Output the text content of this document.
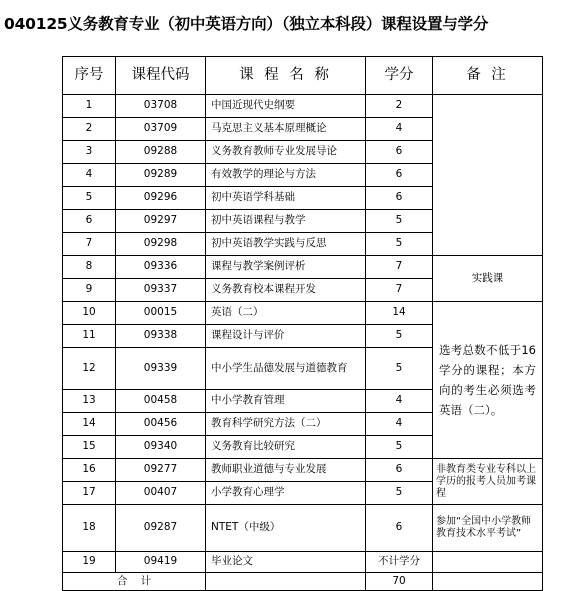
040125义务教育专业（初中英语方向）（独立本科段）课程设置与学分
序号	课程代码	课 程 名 称	学分	备 注
1	03708	中国近现代史纲要	2	
2	03709	马克思主义基本原理概论	4	
3	09288	义务教育教师专业发展导论	6	
4	09289	有效教学的理论与方法	6	
5	09296	初中英语学科基础	6	
6	09297	初中英语课程与教学	5	
7	09298	初中英语教学实践与反思	5	
8	09336	课程与教学案例评析	7	实践课
9	09337	义务教育校本课程开发	7	
10	00015	英语（二）	14	选考总数不低于16学分的课程；本方向的考生必须选考英语（二）。
11	09338	课程设计与评价	5	
12	09339	中小学生品德发展与道德教育	5	
13	00458	中小学教育管理	4	
14	00456	教育科学研究方法（二）	4	
15	09340	义务教育比较研究	5	
16	09277	教师职业道德与专业发展	6	非教育类专业专科以上学历的报考人员加考课程
17	00407	小学教育心理学	5	
18	09287	NTET（中级）	6	参加“全国中小学教师教育技术水平考试”
19	09419	毕业论文	不计学分	
合    计			70	
